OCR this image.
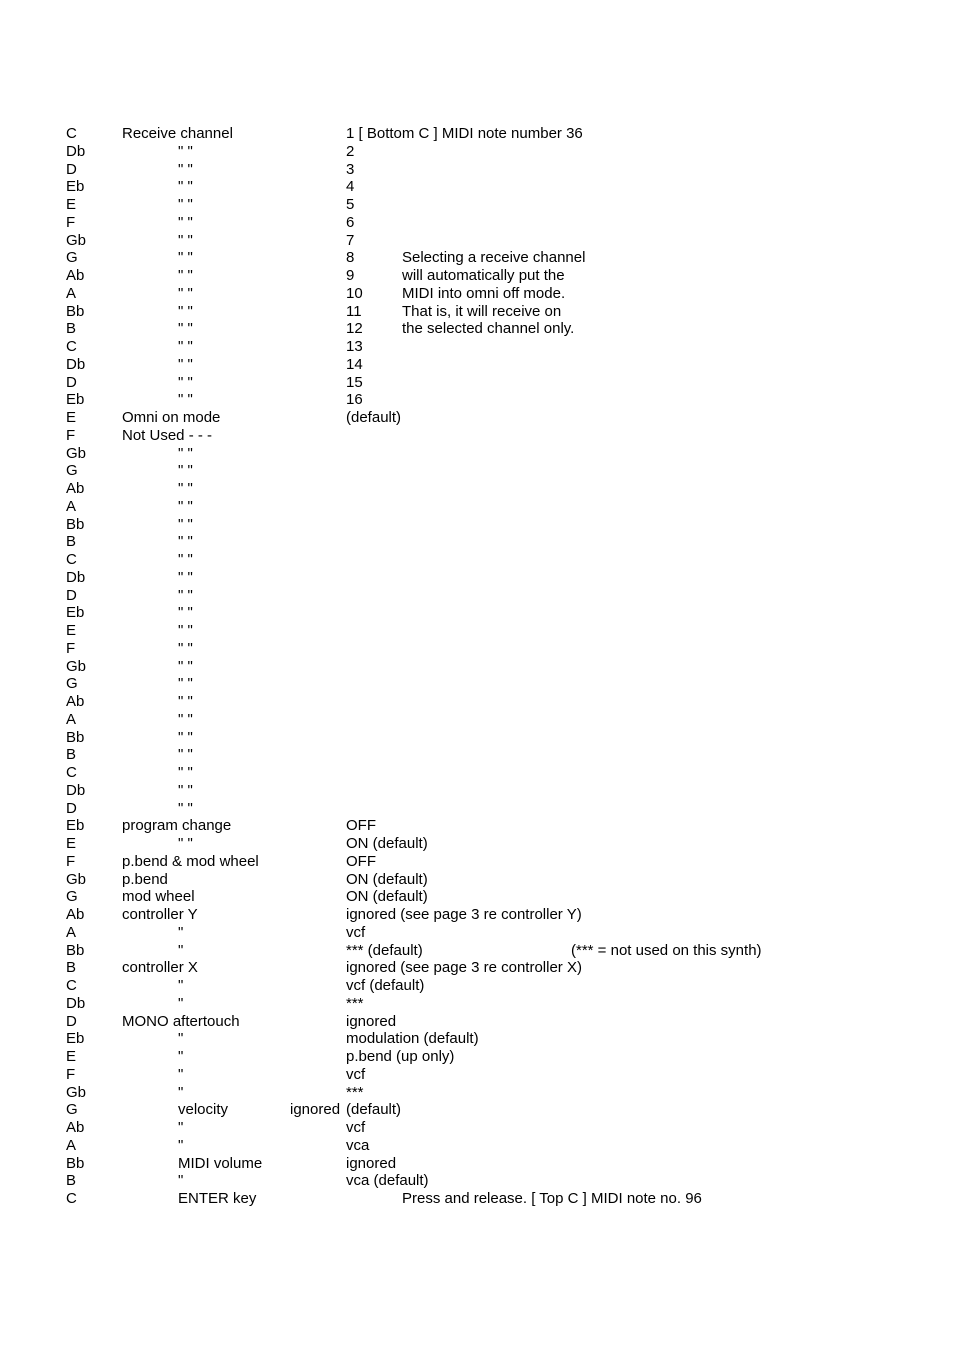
C	Receive channel	1 [ Bottom C ] MIDI note number 36
Db	" "	2
D	" "	3
Eb	" "	4
E	" "	5
F	" "	6
Gb	" "	7
G	" "	8	Selecting a receive channel
Ab	" "	9	will automatically put the
A	" "	10	MIDI into omni off mode.
Bb	" "	11	That is, it will receive on
B	" "	12	the selected channel only.
C	" "	13
Db	" "	14
D	" "	15
Eb	" "	16
E	Omni on mode	(default)
F	Not Used - - -
Gb	" "
G	" "
Ab	" "
A	" "
Bb	" "
B	" "
C	" "
Db	" "
D	" "
Eb	" "
E	" "
F	" "
Gb	" "
G	" "
Ab	" "
A	" "
Bb	" "
B	" "
C	" "
Db	" "
D	" "
Eb	program change	OFF
E	" "	ON (default)
F	p.bend & mod wheel	OFF
Gb p.bend	ON (default)
G	mod wheel	ON (default)
Ab	controller Y	ignored (see page 3 re controller Y)
A	"	vcf
Bb	"	*** (default)	(*** = not used on this synth)
B	controller X	ignored (see page 3 re controller X)
C	"	vcf (default)
Db	"	***
D	MONO aftertouch	ignored
Eb	"	modulation (default)
E	"	p.bend (up only)
F	"	vcf
Gb	"	***
G	velocity	ignored (default)
Ab	"	vcf
A	"	vca
Bb	MIDI volume	ignored
B	"	vca (default)
C	ENTER key	Press and release. [ Top C ] MIDI note no. 96
